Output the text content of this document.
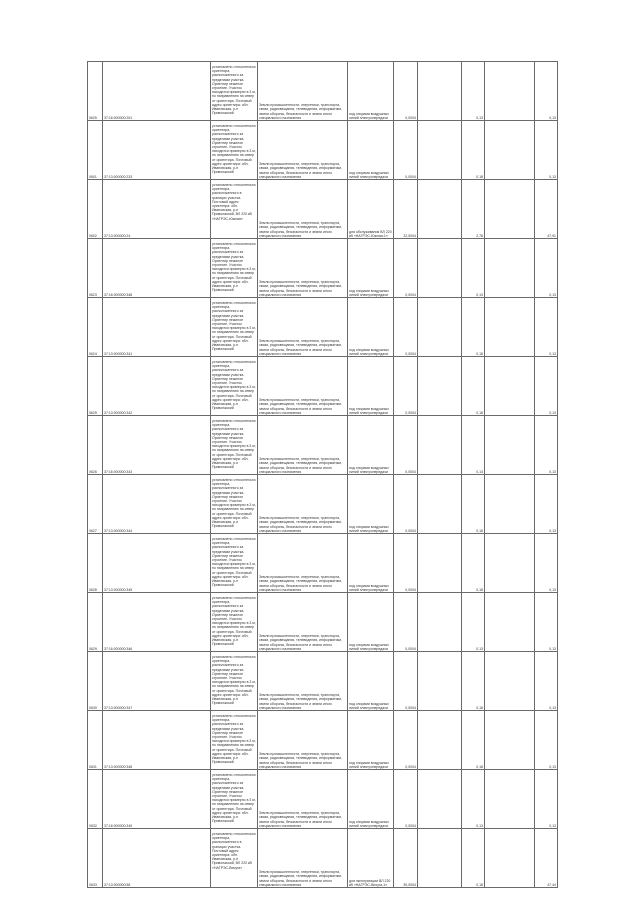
0625	37:16:000000:261	установлено относительно ориентира, расположенного за пределами участка. Ориентир нежилое строение. Участок находится примерно в 3 м, по направлению на север от ориентира. Почтовый адрес ориентира: обл. Ивановская, р-н Приволжский	Земли промышленности, энергетики, транспорта, связи, радиовещания, телевидения, информатики, земли обороны, безопасности и земли иного специального назначения	под опорами воздушных линий электропередачи	0,0004		0,13		0,13
0601	37:13:000000:233	установлено относительно ориентира, расположенного за пределами участка. Ориентир нежилое строение. Участок находится примерно в 3 м, по направлению на север от ориентира. Почтовый адрес ориентира: обл. Ивановская, р-н Приволжский	Земли промышленности, энергетики, транспорта, связи, радиовещания, телевидения, информатики, земли обороны, безопасности и земли иного специального назначения	под опорами воздушных линий электропередачи	0,0004		0,18		0,13
0602	37:13:000000:24	установлено относительно ориентира, расположенного в границах участка. Почтовый адрес ориентира: обл. Ивановская, р-н Приволжский, ВЛ 220 кВ «НАГРЭС-Южная»	Земли промышленности, энергетики, транспорта, связи, радиовещания, телевидения, информатики, земли обороны, безопасности и земли иного специального назначения	для обслуживания ВЛ 220 кВ «НАГРЭС-Южная-1»	22,0004		2,78		47,91
0623	37:16:000000:348	установлено относительно ориентира, расположенного за пределами участка. Ориентир нежилое строение. Участок находится примерно в 3 м, по направлению на север от ориентира. Почтовый адрес ориентира: обл. Ивановская, р-н Приволжский	Земли промышленности, энергетики, транспорта, связи, радиовещания, телевидения, информатики, земли обороны, безопасности и земли иного специального назначения	под опорами воздушных линий электропередачи	0,0004		0,13		0,13
0624	37:13:000000:341	установлено относительно ориентира, расположенного за пределами участка. Ориентир нежилое строение. Участок находится примерно в 3 м, по направлению на север от ориентира. Почтовый адрес ориентира: обл. Ивановская, р-н Приволжский	Земли промышленности, энергетики, транспорта, связи, радиовещания, телевидения, информатики, земли обороны, безопасности и земли иного специального назначения	под опорами воздушных линий электропередачи	0,0004		0,18		0,13
0625	37:13:000000:342	установлено относительно ориентира, расположенного за пределами участка. Ориентир нежилое строение. Участок находится примерно в 3 м, по направлению на север от ориентира. Почтовый адрес ориентира: обл. Ивановская, р-н Приволжский	Земли промышленности, энергетики, транспорта, связи, радиовещания, телевидения, информатики, земли обороны, безопасности и земли иного специального назначения	под опорами воздушных линий электропередачи	0,0004		0,18		0,13
0626	37:16:000000:343	установлено относительно ориентира, расположенного за пределами участка. Ориентир нежилое строение. Участок находится примерно в 3 м, по направлению на север от ориентира. Почтовый адрес ориентира: обл. Ивановская, р-н Приволжский	Земли промышленности, энергетики, транспорта, связи, радиовещания, телевидения, информатики, земли обороны, безопасности и земли иного специального назначения	под опорами воздушных линий электропередачи	0,0004		0,13		0,13
0627	37:13:000000:344	установлено относительно ориентира, расположенного за пределами участка. Ориентир нежилое строение. Участок находится примерно в 3 м, по направлению на север от ориентира. Почтовый адрес ориентира: обл. Ивановская, р-н Приволжский	Земли промышленности, энергетики, транспорта, связи, радиовещания, телевидения, информатики, земли обороны, безопасности и земли иного специального назначения	под опорами воздушных линий электропередачи	0,0004		0,18		0,13
0628	37:13:000000:345	установлено относительно ориентира, расположенного за пределами участка. Ориентир нежилое строение. Участок находится примерно в 3 м, по направлению на север от ориентира. Почтовый адрес ориентира: обл. Ивановская, р-н Приволжский	Земли промышленности, энергетики, транспорта, связи, радиовещания, телевидения, информатики, земли обороны, безопасности и земли иного специального назначения	под опорами воздушных линий электропередачи	0,0004		0,18		0,13
0629	37:16:000000:346	установлено относительно ориентира, расположенного за пределами участка. Ориентир нежилое строение. Участок находится примерно в 3 м, по направлению на север от ориентира. Почтовый адрес ориентира: обл. Ивановская, р-н Приволжский	Земли промышленности, энергетики, транспорта, связи, радиовещания, телевидения, информатики, земли обороны, безопасности и земли иного специального назначения	под опорами воздушных линий электропередачи	0,0004		0,13		0,13
0630	37:13:000000:347	установлено относительно ориентира, расположенного за пределами участка. Ориентир нежилое строение. Участок находится примерно в 3 м, по направлению на север от ориентира. Почтовый адрес ориентира: обл. Ивановская, р-н Приволжский	Земли промышленности, энергетики, транспорта, связи, радиовещания, телевидения, информатики, земли обороны, безопасности и земли иного специального назначения	под опорами воздушных линий электропередачи	0,0004		0,18		0,13
0631	37:13:000000:348	установлено относительно ориентира, расположенного за пределами участка. Ориентир нежилое строение. Участок находится примерно в 3 м, по направлению на север от ориентира. Почтовый адрес ориентира: обл. Ивановская, р-н Приволжский	Земли промышленности, энергетики, транспорта, связи, радиовещания, телевидения, информатики, земли обороны, безопасности и земли иного специального назначения	под опорами воздушных линий электропередачи	0,0004		0,18		0,13
0632	37:16:000000:349	установлено относительно ориентира, расположенного за пределами участка. Ориентир нежилое строение. Участок находится примерно в 3 м, по направлению на север от ориентира. Почтовый адрес ориентира: обл. Ивановская, р-н Приволжский	Земли промышленности, энергетики, транспорта, связи, радиовещания, телевидения, информатики, земли обороны, безопасности и земли иного специального назначения	под опорами воздушных линий электропередачи	0,0004		0,13		0,13
0633	37:13:000000:58	установлено относительно ориентира, расположенного в границах участка. Почтовый адрес ориентира: обл. Ивановская, р-н Приволжский, ВЛ 220 кВ «НАГРЭС-Вичуга»	Земли промышленности, энергетики, транспорта, связи, радиовещания, телевидения, информатики, земли обороны, безопасности и земли иного специального назначения	для эксплуатации ВЛ 220 кВ «НАГРЭС-Вичуга-1»	30,0004		0,18		47,44
